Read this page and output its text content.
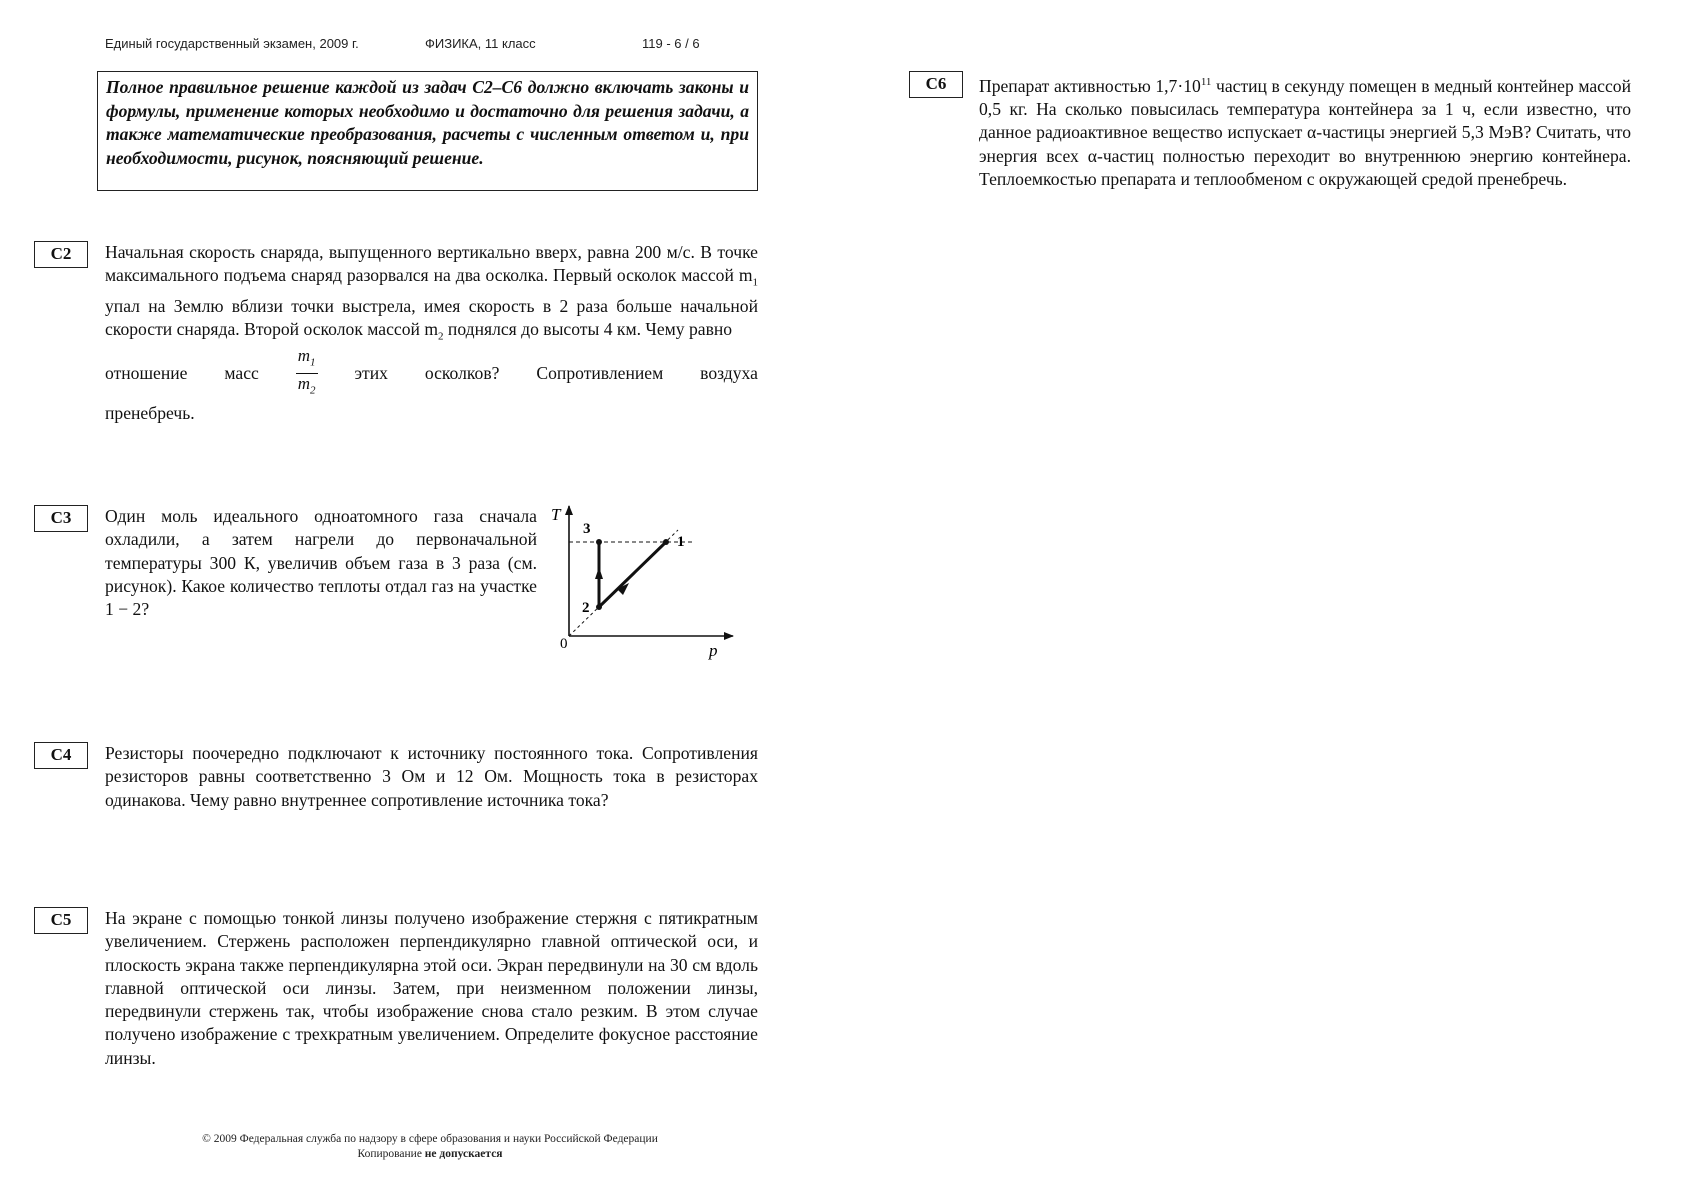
Единый государственный экзамен, 2009 г.	ФИЗИКА, 11 класс	119 - 6 / 6
Полное правильное решение каждой из задач С2–С6 должно включать законы и формулы, применение которых необходимо и достаточно для решения задачи, а также математические преобразования, расчеты с численным ответом и, при необходимости, рисунок, поясняющий решение.
C2	Начальная скорость снаряда, выпущенного вертикально вверх, равна 200 м/с. В точке максимального подъема снаряд разорвался на два осколка. Первый осколок массой $m_1$ упал на Землю вблизи точки выстрела, имея скорость в 2 раза больше начальной скорости снаряда. Второй осколок массой $m_2$ поднялся до высоты 4 км. Чему равно

отношение масс $\frac{m_1}{m_2}$ этих осколков? Сопротивлением воздуха

пренебречь.

C3	Один моль идеального одноатомного газа сначала охладили, а затем нагрели до первоначальной температуры 300 К, увеличив объем газа в 3 раза (см. рисунок). Какое количество теплоты отдал газ на участке 1 − 2?
T
p
0
1
2
3
C4	Резисторы поочередно подключают к источнику постоянного тока. Сопротивления резисторов равны соответственно 3 Ом и 12 Ом. Мощность тока в резисторах одинакова. Чему равно внутреннее сопротивление источника тока?
C5	На экране с помощью тонкой линзы получено изображение стержня с пятикратным увеличением. Стержень расположен перпендикулярно главной оптической оси, и плоскость экрана также перпендикулярна этой оси. Экран передвинули на 30 см вдоль главной оптической оси линзы. Затем, при неизменном положении линзы, передвинули стержень так, чтобы изображение снова стало резким. В этом случае получено изображение с трехкратным увеличением. Определите фокусное расстояние линзы.
C6	Препарат активностью $1,7\cdot 10^{11}$ частиц в секунду помещен в медный контейнер массой 0,5 кг. На сколько повысилась температура контейнера за 1 ч, если известно, что данное радиоактивное вещество испускает α-частицы энергией 5,3 МэВ? Считать, что энергия всех α-частиц полностью переходит во внутреннюю энергию контейнера. Теплоемкостью препарата и теплообменом с окружающей средой пренебречь.
© 2009 Федеральная служба по надзору в сфере образования и науки Российской Федерации
Копирование не допускается
